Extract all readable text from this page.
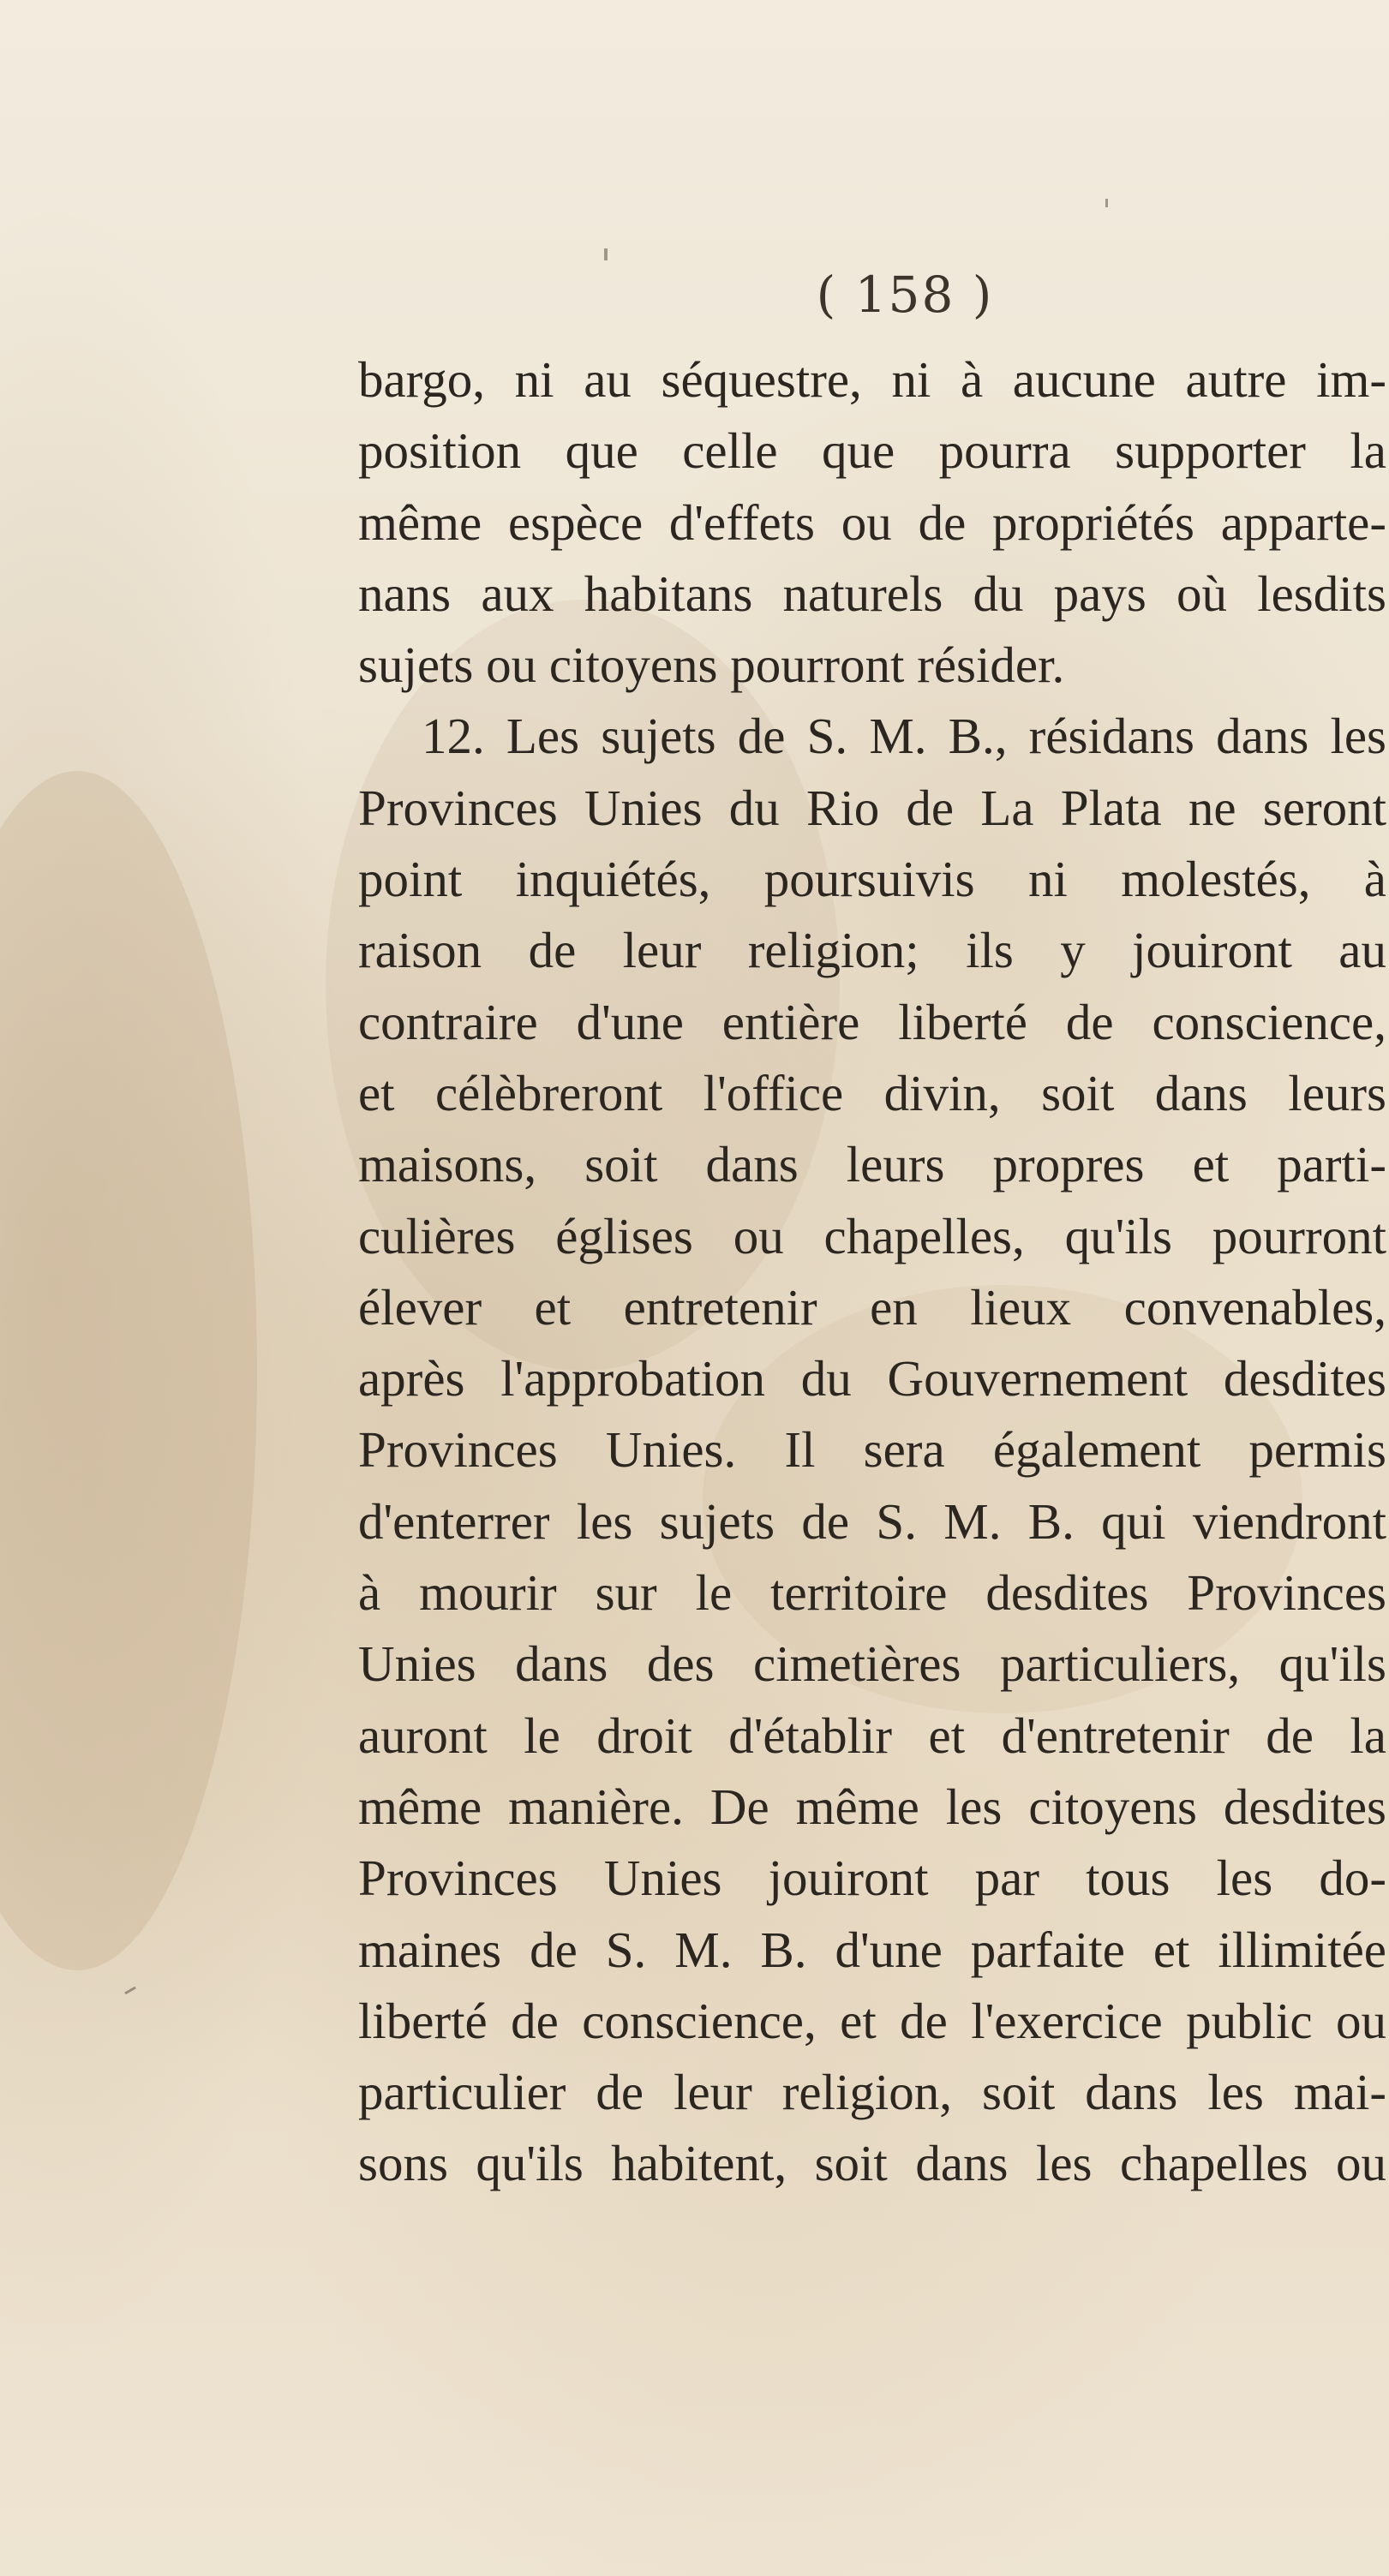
( 158 )
bargo, ni au séquestre, ni à aucune autre im-
position que celle que pourra supporter la
même espèce d'effets ou de propriétés apparte-
nans aux habitans naturels du pays où lesdits
sujets ou citoyens pourront résider.
12. Les sujets de S. M. B., résidans dans les
Provinces Unies du Rio de La Plata ne seront
point inquiétés, poursuivis ni molestés, à
raison de leur religion; ils y jouiront au
contraire d'une entière liberté de conscience,
et célèbreront l'office divin, soit dans leurs
maisons, soit dans leurs propres et parti-
culières églises ou chapelles, qu'ils pourront
élever et entretenir en lieux convenables,
après l'approbation du Gouvernement desdites
Provinces Unies. Il sera également permis
d'enterrer les sujets de S. M. B. qui viendront
à mourir sur le territoire desdites Provinces
Unies dans des cimetières particuliers, qu'ils
auront le droit d'établir et d'entretenir de la
même manière. De même les citoyens desdites
Provinces Unies jouiront par tous les do-
maines de S. M. B. d'une parfaite et illimitée
liberté de conscience, et de l'exercice public ou
particulier de leur religion, soit dans les mai-
sons qu'ils habitent, soit dans les chapelles ou
